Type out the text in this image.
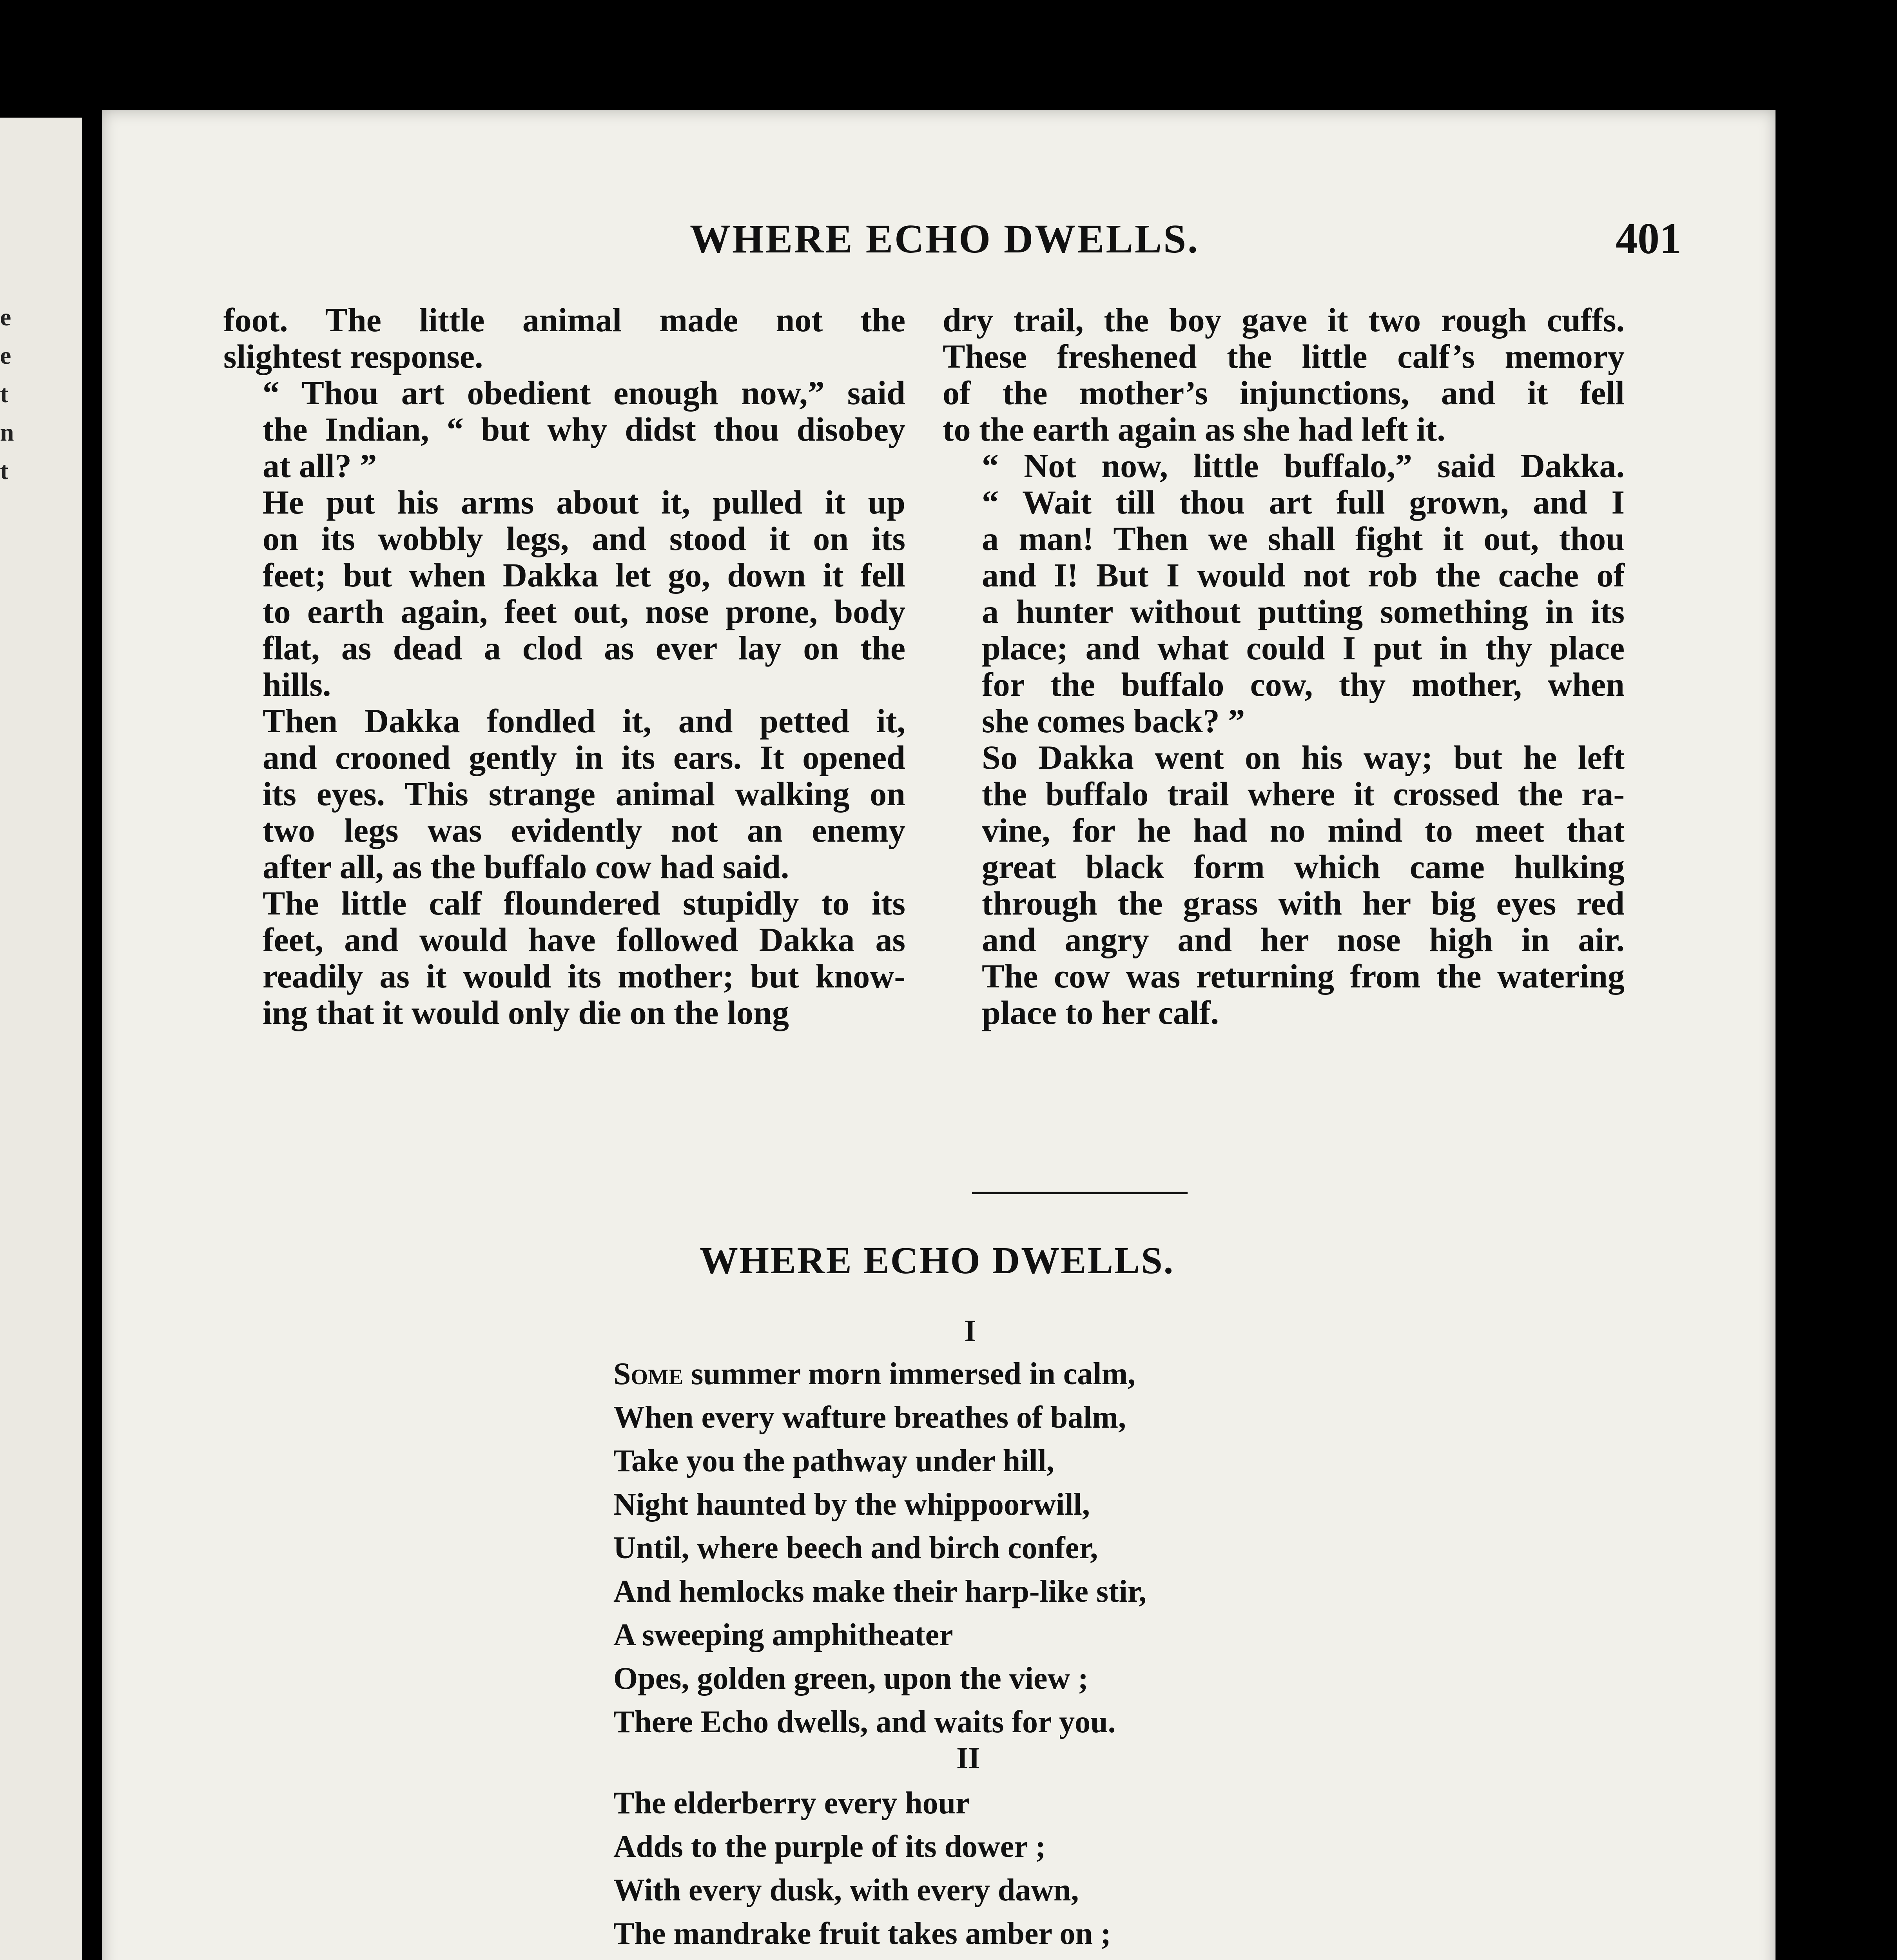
e
e
t
n
t
WHERE ECHO DWELLS.	401

foot. The little animal made not the
slightest response.

“ Thou art obedient enough now,” said
the Indian, “ but why didst thou disobey
at all? ”

He put his arms about it, pulled it up
on its wobbly legs, and stood it on its
feet; but when Dakka let go, down it fell
to earth again, feet out, nose prone, body
flat, as dead a clod as ever lay on the
hills.

Then Dakka fondled it, and petted it,
and crooned gently in its ears. It opened
its eyes. This strange animal walking on
two legs was evidently not an enemy
after all, as the buffalo cow had said.

The little calf floundered stupidly to its
feet, and would have followed Dakka as
readily as it would its mother; but know-
ing that it would only die on the long

dry trail, the boy gave it two rough cuffs.
These freshened the little calf’s memory
of the mother’s injunctions, and it fell
to the earth again as she had left it.

“ Not now, little buffalo,” said Dakka.
“ Wait till thou art full grown, and I
a man! Then we shall fight it out, thou
and I! But I would not rob the cache of
a hunter without putting something in its
place; and what could I put in thy place
for the buffalo cow, thy mother, when
she comes back? ”

So Dakka went on his way; but he left
the buffalo trail where it crossed the ra-
vine, for he had no mind to meet that
great black form which came hulking
through the grass with her big eyes red
and angry and her nose high in air.
The cow was returning from the watering
place to her calf.

WHERE ECHO DWELLS.
I
Some summer morn immersed in calm,
When every wafture breathes of balm,
Take you the pathway under hill,
Night haunted by the whippoorwill,
Until, where beech and birch confer,
And hemlocks make their harp-like stir,
A sweeping amphitheater
Opes, golden green, upon the view ;
There Echo dwells, and waits for you.
II
The elderberry every hour
Adds to the purple of its dower ;
With every dusk, with every dawn,
The mandrake fruit takes amber on ;
